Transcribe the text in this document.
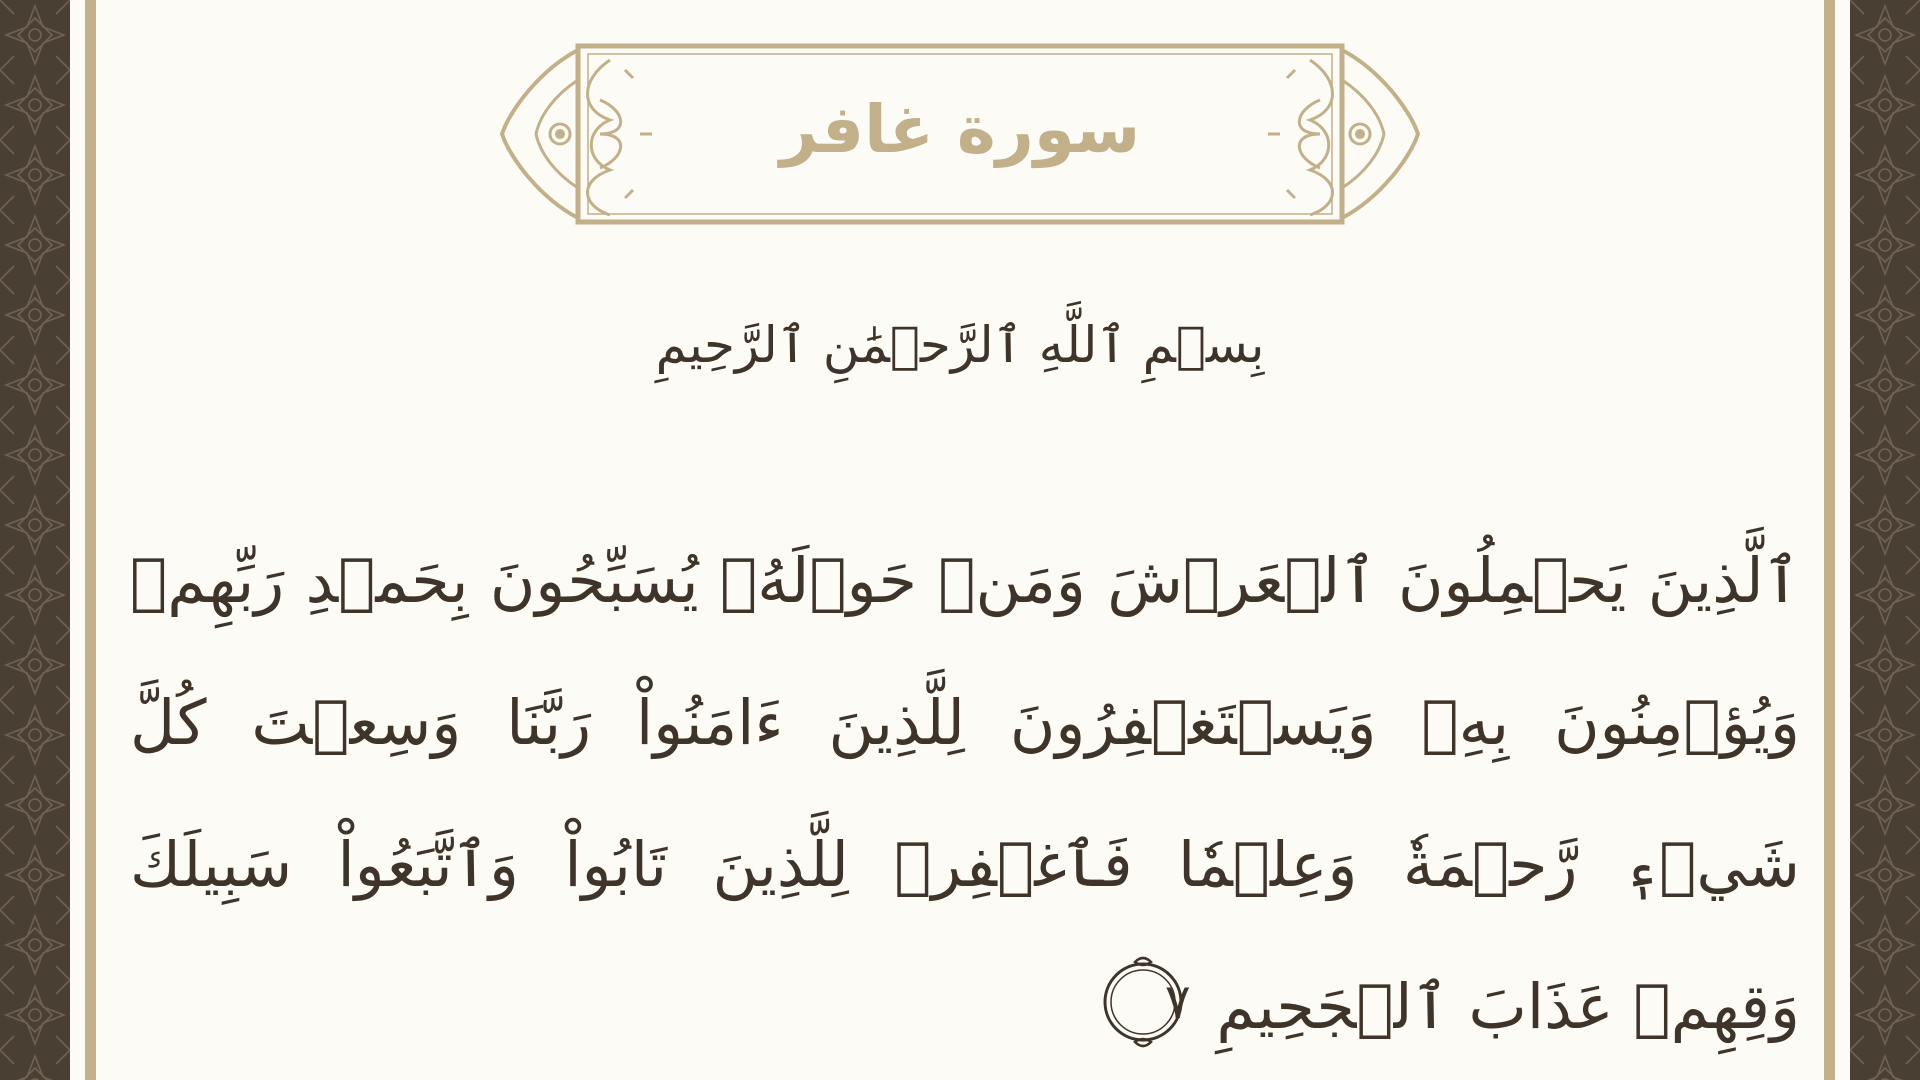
سورة غافر
بِسۡمِ ٱللَّهِ ٱلرَّحۡمَٰنِ ٱلرَّحِيمِ
ٱلَّذِينَ يَحۡمِلُونَ ٱلۡعَرۡشَ وَمَنۡ حَوۡلَهُۥ يُسَبِّحُونَ بِحَمۡدِ رَبِّهِمۡ وَيُؤۡمِنُونَ بِهِۦ وَيَسۡتَغۡفِرُونَ لِلَّذِينَ ءَامَنُواْ رَبَّنَا وَسِعۡتَ كُلَّ شَيۡءٖ رَّحۡمَةٗ وَعِلۡمٗا فَٱغۡفِرۡ لِلَّذِينَ تَابُواْ وَٱتَّبَعُواْ سَبِيلَكَ وَقِهِمۡ عَذَابَ ٱلۡجَحِيمِ
٧
